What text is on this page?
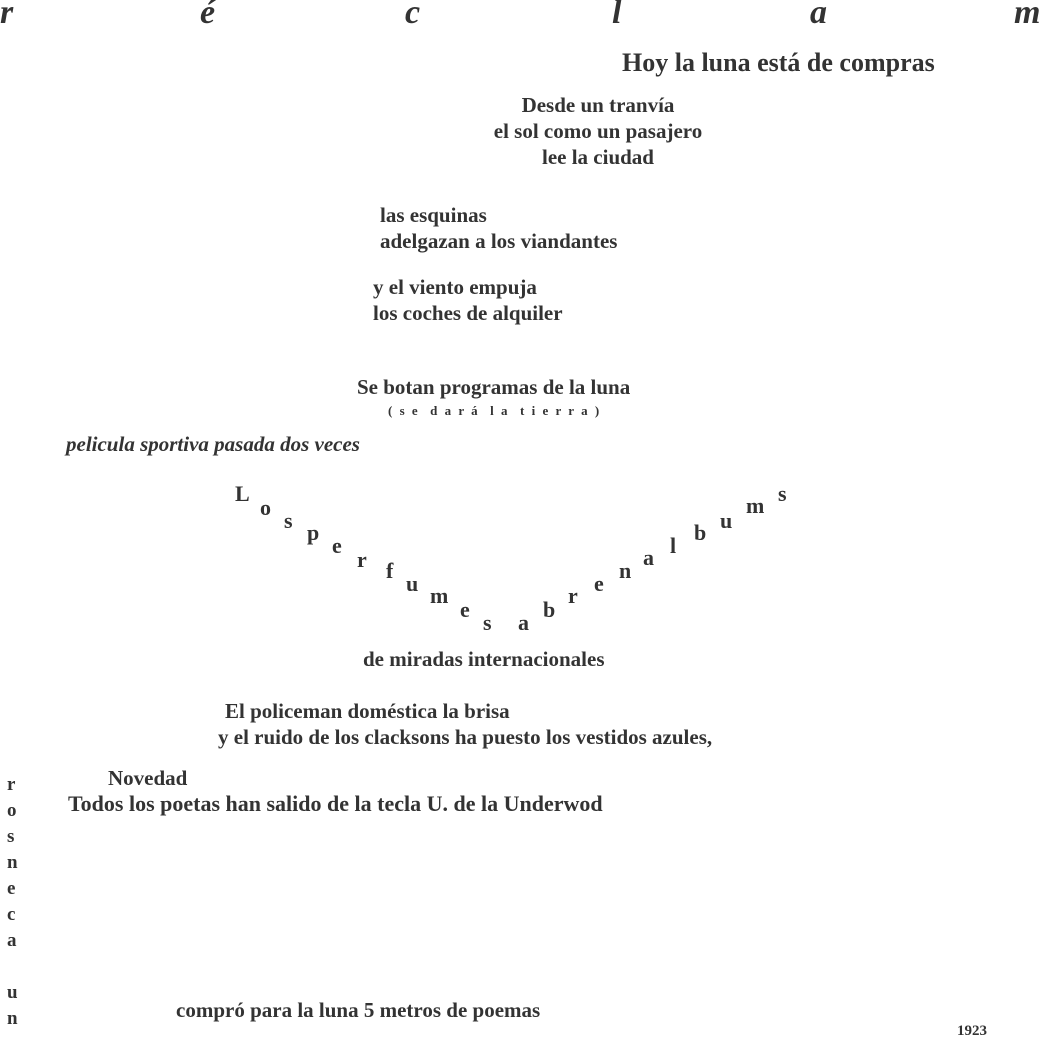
r	é	c	l	a	m
Hoy la luna está de compras
Desde un tranvía
el sol como un pasajero
lee la ciudad
las esquinas
adelgazan a los viandantes
y el viento empuja
los coches de alquiler
Se botan programas de la luna
( s e  d a r á  l a  t i e r r a )
pelicula sportiva pasada dos veces
L
o
s p
e
r f
u m
e
s a
b
r e
n
a l
b u
m s
de miradas internacionales
El policeman doméstica la brisa
y el ruido de los clacksons ha puesto los vestidos azules,
Novedad
Todos los poetas han salido de la tecla U. de la Underwod
r
o
s
n
e
c
a
u
n	compró para la luna 5 metros de poemas
1923
